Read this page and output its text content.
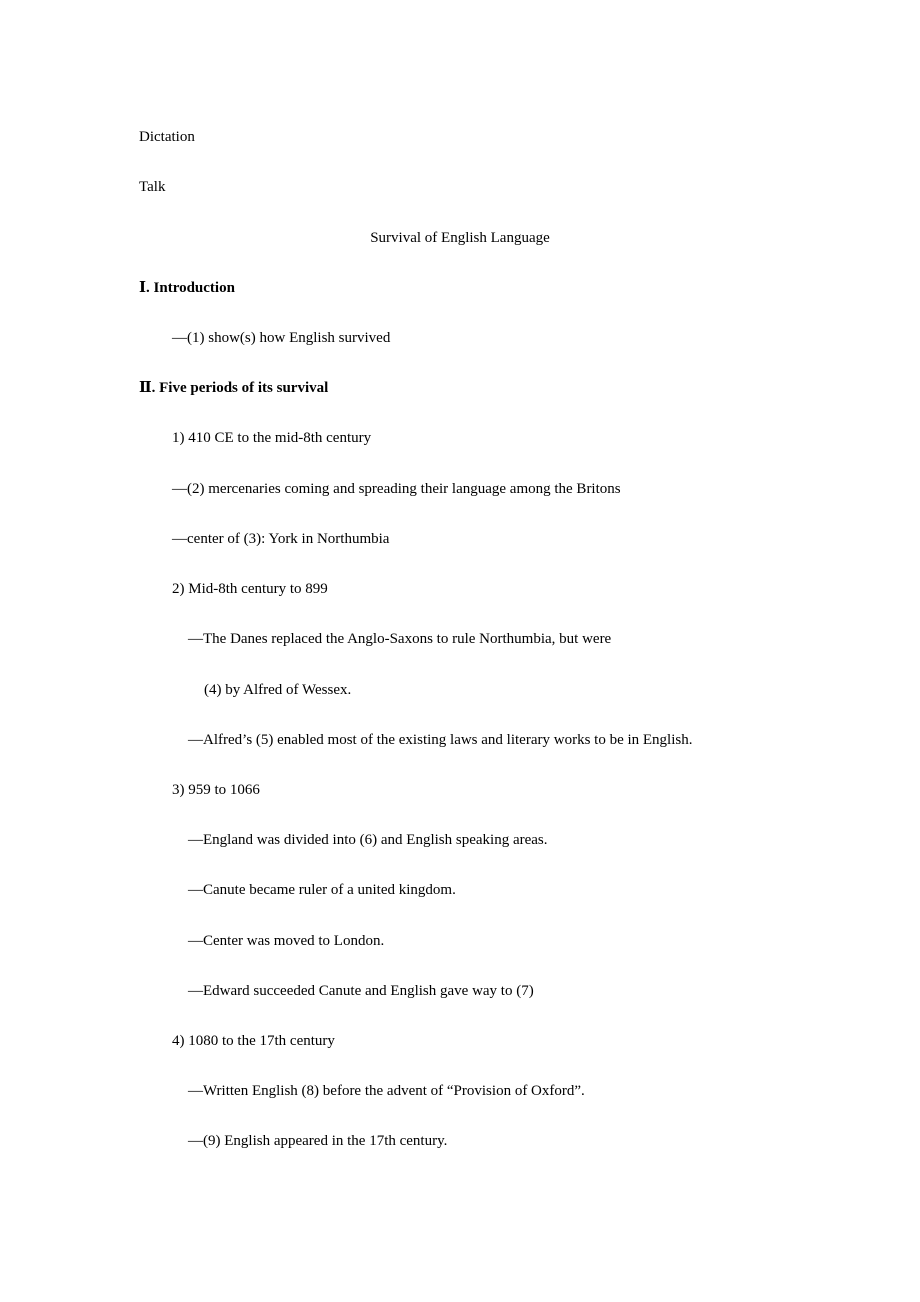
Dictation
Talk
Survival of English Language
Ⅰ. Introduction
—(1) show(s) how English survived
Ⅱ. Five periods of its survival
1) 410 CE to the mid-8th century
—(2) mercenaries coming and spreading their language among the Britons
—center of (3): York in Northumbia
2) Mid-8th century to 899
—The Danes replaced the Anglo-Saxons to rule Northumbia, but were
(4) by Alfred of Wessex.
—Alfred’s (5) enabled most of the existing laws and literary works to be in English.
3) 959 to 1066
—England was divided into (6) and English speaking areas.
—Canute became ruler of a united kingdom.
—Center was moved to London.
—Edward succeeded Canute and English gave way to (7)
4) 1080 to the 17th century
—Written English (8) before the advent of “Provision of Oxford”.
—(9) English appeared in the 17th century.
